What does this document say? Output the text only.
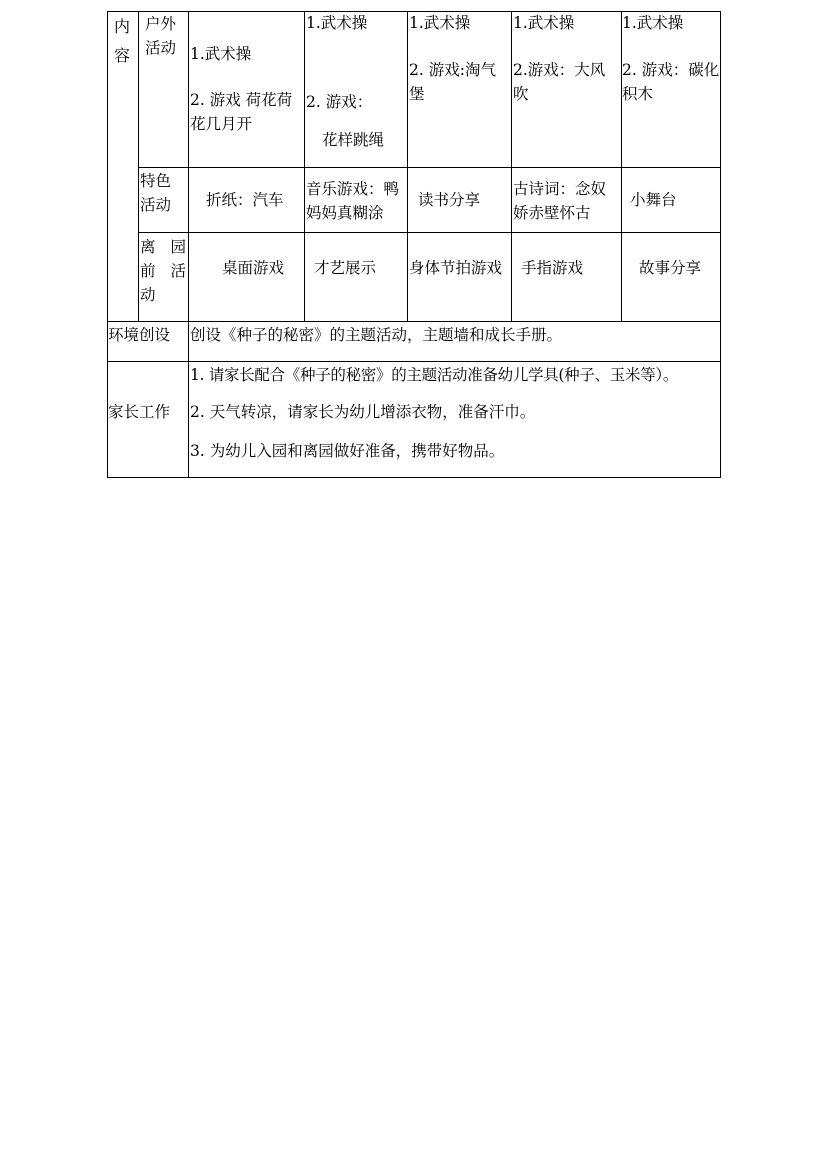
内容
户外活动 1.武术操
2. 游戏 荷花荷花几月开
1.武术操
2. 游戏：
花样跳绳
1.武术操
2. 游戏:淘气堡
1.武术操
2.游戏：大风吹
1.武术操
2. 游戏：碳化积木
特色活动	折纸：汽车
音乐游戏：鸭妈妈真糊涂
读书分享
古诗词：念奴娇赤壁怀古
小舞台
离 园
前 活
动
桌面游戏 才艺展示 身体节拍游戏 手指游戏	故事分享
环境创设 创设《种子的秘密》的主题活动，主题墙和成长手册。
家长工作
1. 请家长配合《种子的秘密》的主题活动准备幼儿学具(种子、玉米等）。
2. 天气转凉，请家长为幼儿增添衣物，准备汗巾。
3. 为幼儿入园和离园做好准备，携带好物品。
